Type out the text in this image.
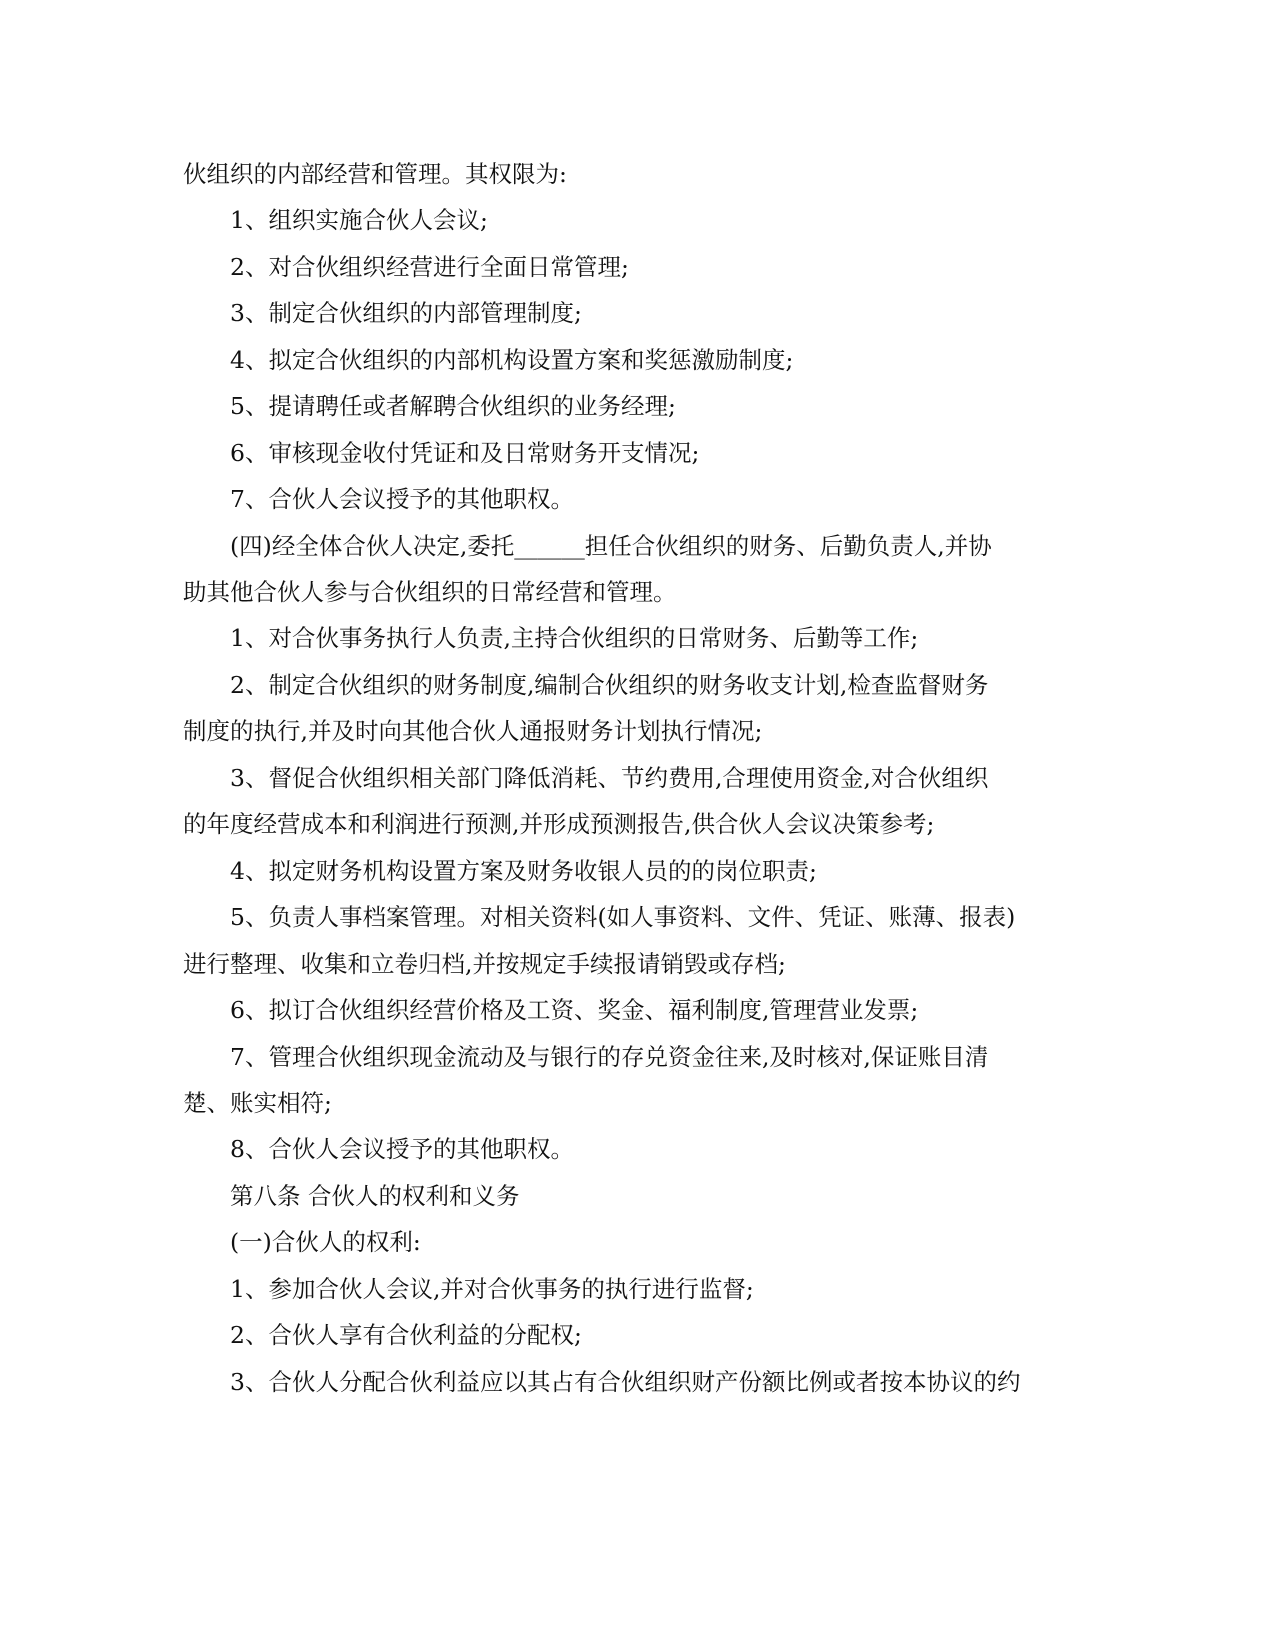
伙组织的内部经营和管理。其权限为:
1、组织实施合伙人会议;
2、对合伙组织经营进行全面日常管理;
3、制定合伙组织的内部管理制度;
4、拟定合伙组织的内部机构设置方案和奖惩激励制度;
5、提请聘任或者解聘合伙组织的业务经理;
6、审核现金收付凭证和及日常财务开支情况;
7、合伙人会议授予的其他职权。
(四)经全体合伙人决定,委托______担任合伙组织的财务、后勤负责人,并协
助其他合伙人参与合伙组织的日常经营和管理。
1、对合伙事务执行人负责,主持合伙组织的日常财务、后勤等工作;
2、制定合伙组织的财务制度,编制合伙组织的财务收支计划,检查监督财务
制度的执行,并及时向其他合伙人通报财务计划执行情况;
3、督促合伙组织相关部门降低消耗、节约费用,合理使用资金,对合伙组织
的年度经营成本和利润进行预测,并形成预测报告,供合伙人会议决策参考;
4、拟定财务机构设置方案及财务收银人员的的岗位职责;
5、负责人事档案管理。对相关资料(如人事资料、文件、凭证、账薄、报表)
进行整理、收集和立卷归档,并按规定手续报请销毁或存档;
6、拟订合伙组织经营价格及工资、奖金、福利制度,管理营业发票;
7、管理合伙组织现金流动及与银行的存兑资金往来,及时核对,保证账目清
楚、账实相符;
8、合伙人会议授予的其他职权。
第八条 合伙人的权利和义务
(一)合伙人的权利:
1、参加合伙人会议,并对合伙事务的执行进行监督;
2、合伙人享有合伙利益的分配权;
3、合伙人分配合伙利益应以其占有合伙组织财产份额比例或者按本协议的约
